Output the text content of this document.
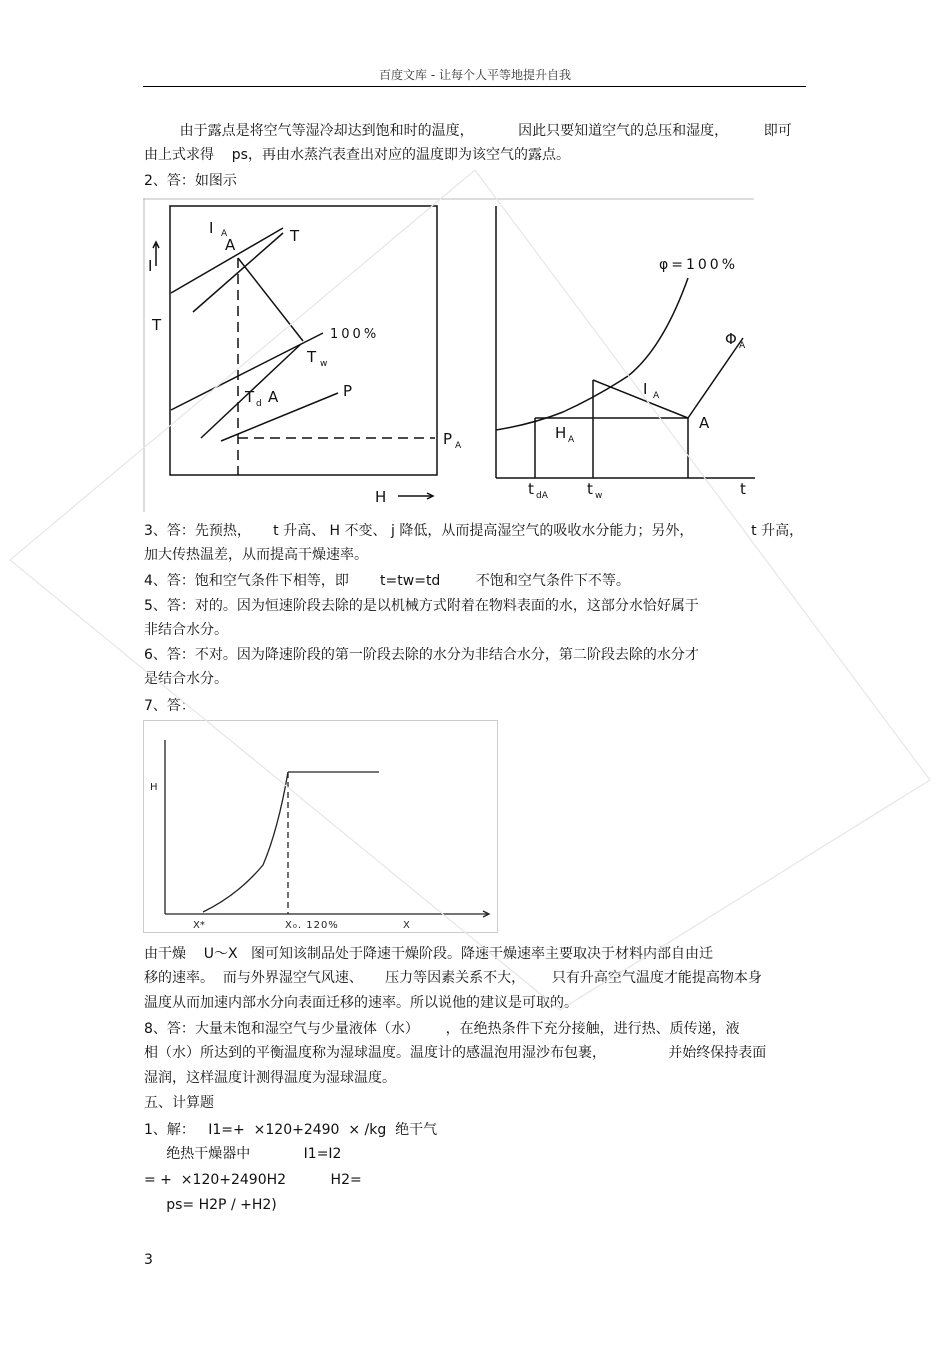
百度文库 - 让每个人平等地提升自我
由于露点是将空气等湿冷却达到饱和时的温度，          因此只要知道空气的总压和湿度，        即可
由上式求得    ps，再由水蒸汽表查出对应的温度即为该空气的露点。
2、答：如图示
I
A
I A	T
T
100%
T w
T d A	P
P A
H
φ=100%
Φ A
I A
H A
A
t dA	t w	t
3、答：先预热，     t 升高、 H 不变、 j 降低，从而提高湿空气的吸收水分能力；另外，             t 升高，
加大传热温差，从而提高干燥速率。
4、答：饱和空气条件下相等，即       t=tw=td        不饱和空气条件下不等。
5、答：对的。因为恒速阶段去除的是以机械方式附着在物料表面的水，这部分水恰好属于
非结合水分。
6、答：不对。因为降速阶段的第一阶段去除的水分为非结合水分，第二阶段去除的水分才
是结合水分。
7、答：
H
X*	X₀. 120%	X
由干燥    U～X   图可知该制品处于降速干燥阶段。降速干燥速率主要取决于材料内部自由迁
移的速率。  而与外界湿空气风速、     压力等因素关系不大，      只有升高空气温度才能提高物本身
温度从而加速内部水分向表面迁移的速率。所以说他的建议是可取的。
8、答：大量未饱和湿空气与少量液体（水）      ，在绝热条件下充分接触，进行热、质传递，液
相（水）所达到的平衡温度称为湿球温度。温度计的感温泡用湿沙布包裹，              并始终保持表面
湿润，这样温度计测得温度为湿球温度。
五、计算题
1、解：   I1=+  ×120+2490  × /kg  绝干气
绝热干燥器中            I1=I2
= +  ×120+2490H2          H2=
ps= H2P / +H2)
3
